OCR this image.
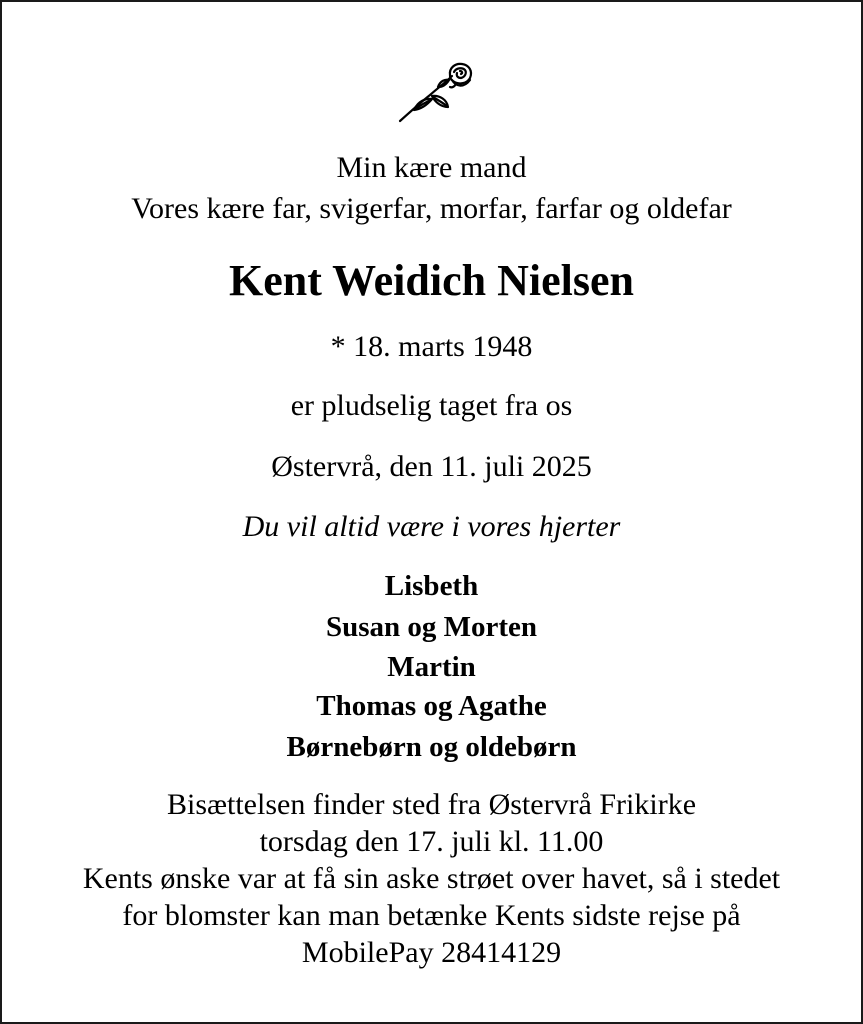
Min kære mand
Vores kære far, svigerfar, morfar, farfar og oldefar
Kent Weidich Nielsen
* 18. marts 1948
er pludselig taget fra os
Østervrå, den 11. juli 2025
Du vil altid være i vores hjerter
Lisbeth
Susan og Morten
Martin
Thomas og Agathe
Børnebørn og oldebørn
Bisættelsen finder sted fra Østervrå Frikirke
torsdag den 17. juli kl. 11.00
Kents ønske var at få sin aske strøet over havet, så i stedet
for blomster kan man betænke Kents sidste rejse på
MobilePay 28414129
